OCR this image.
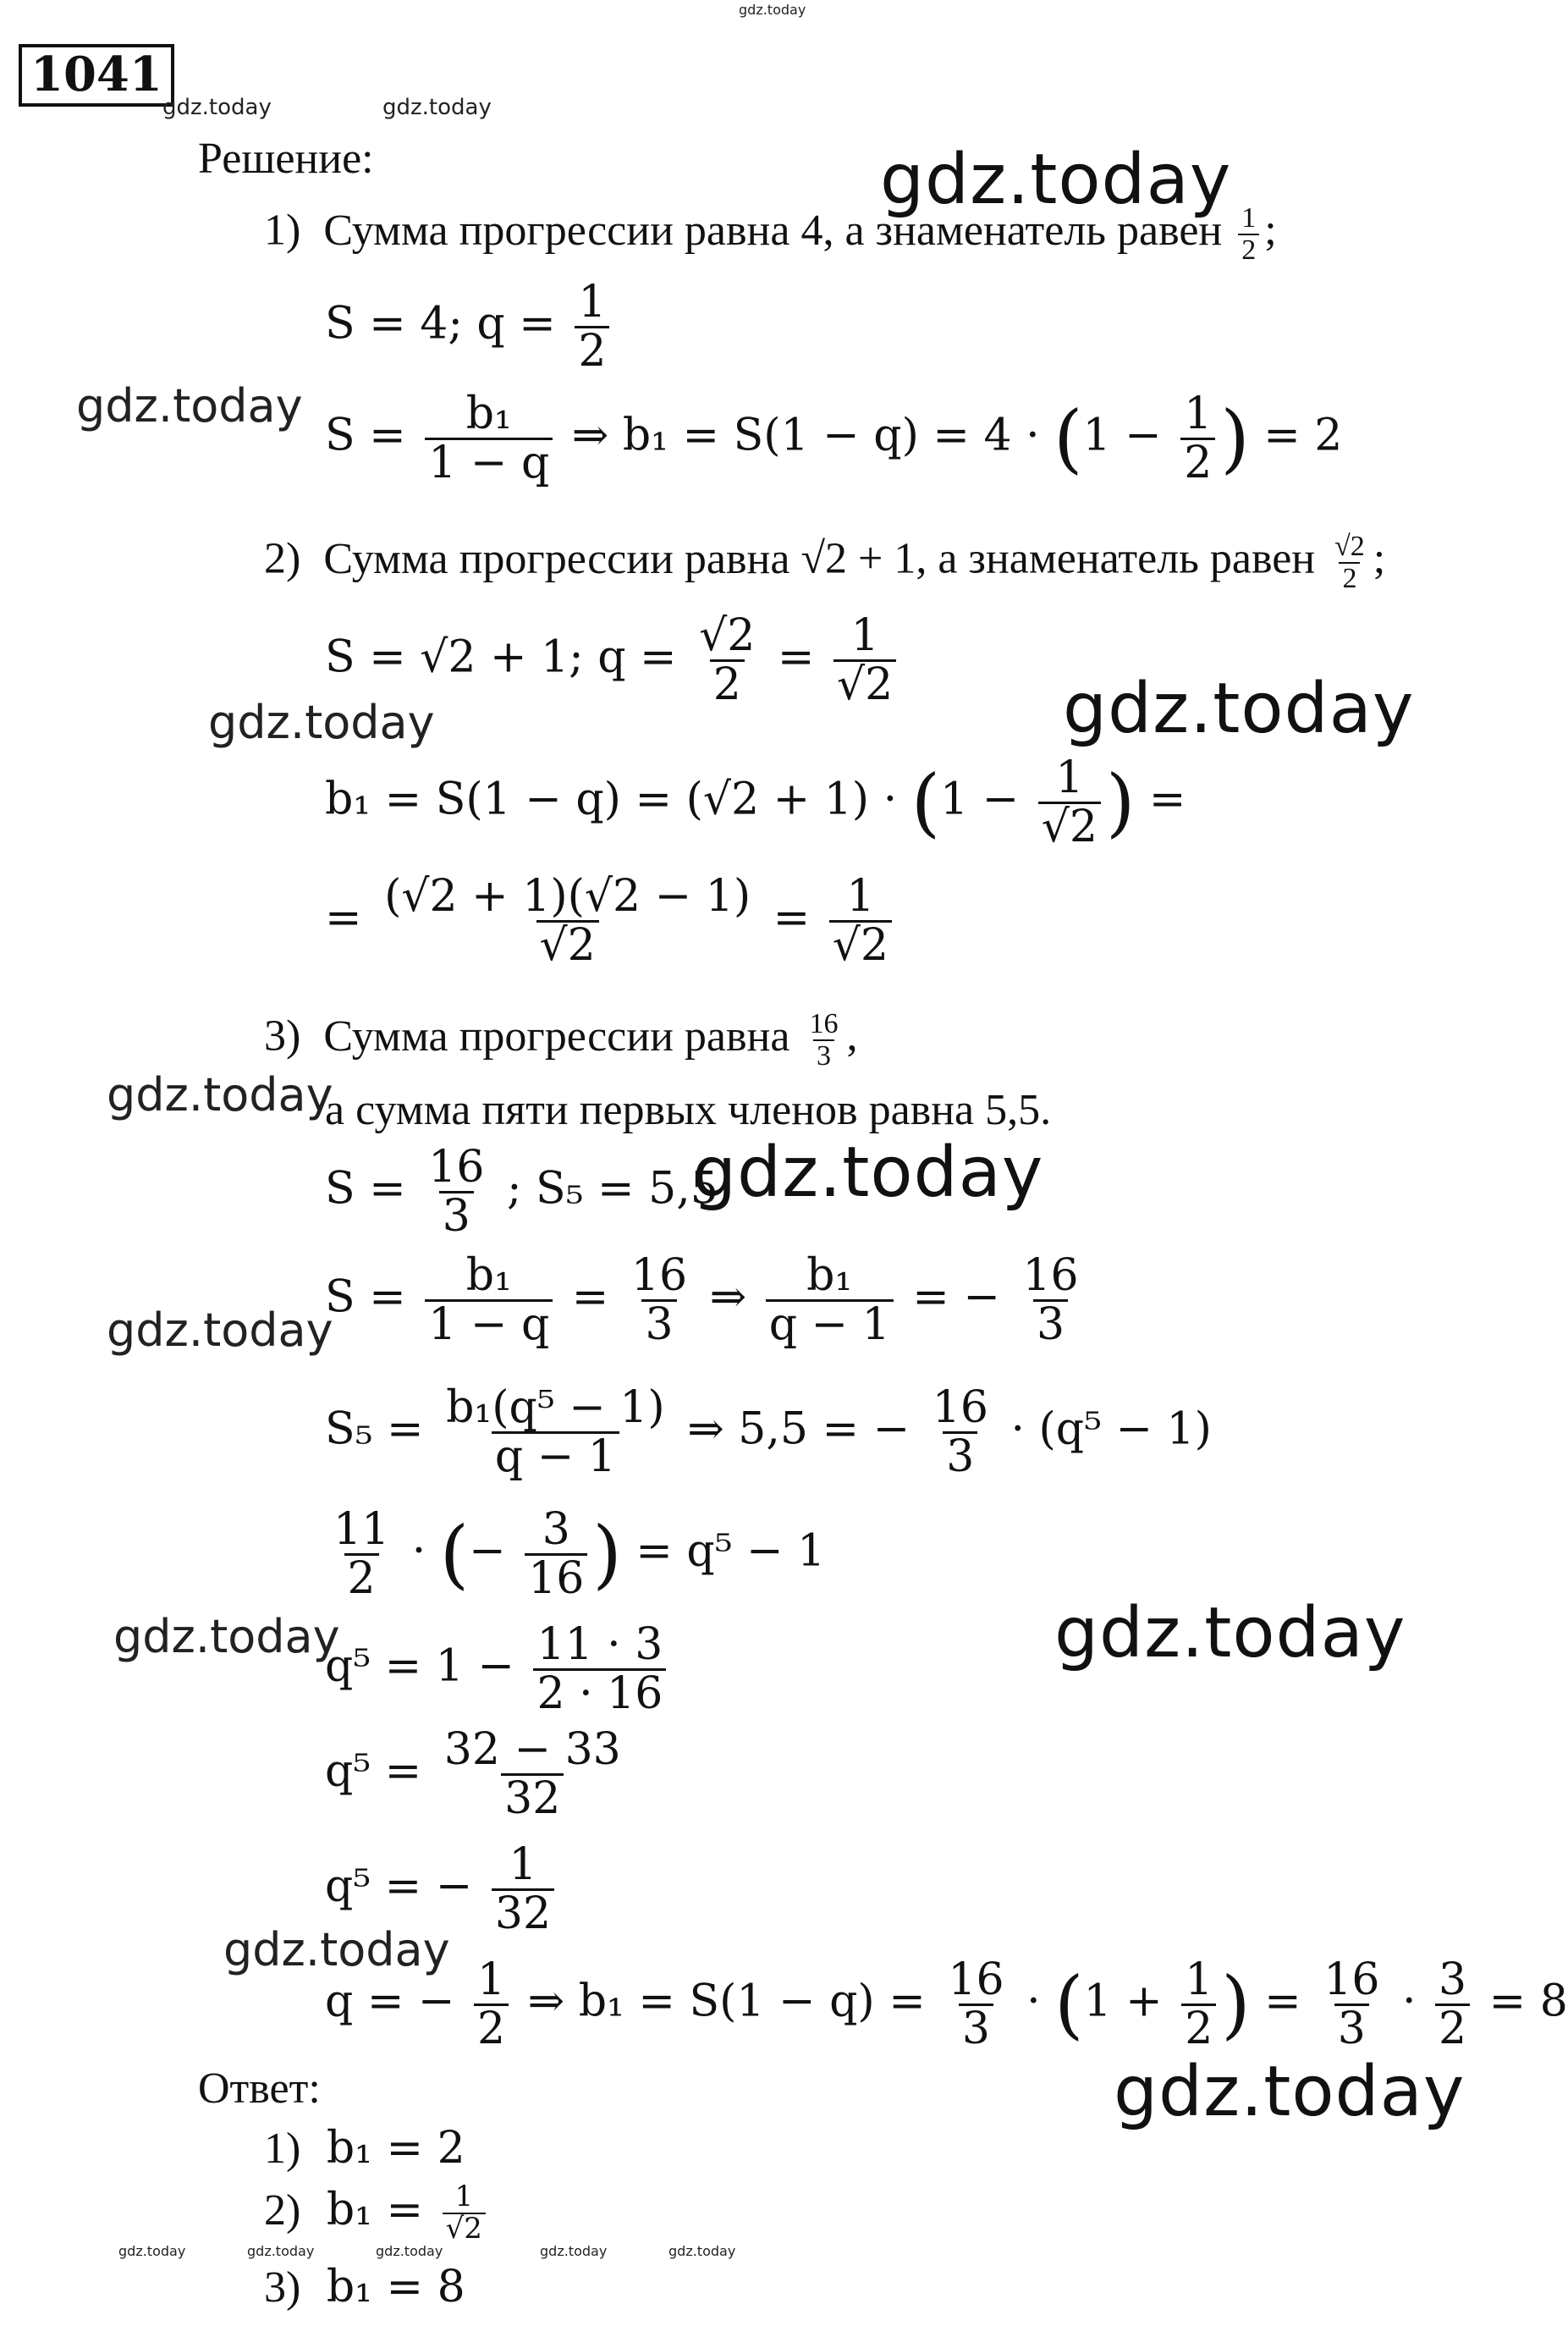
1041
gdz.today
gdz.today	gdz.today
Решение:	gdz.today
1) Сумма прогрессии равна 4, а знаменатель равен $\frac{1}{2}$ ;
S = 4; $q = \frac{1}{2}$
gdz.today
$S = \frac{\text{b₁}}{1 - q}$ ⇒ $b_1 = S(1 - q) = 4 \cdot (1 - \frac{1}{2}$ ) = 2
2) Сумма прогрессии равна √2 + 1, а знаменатель равен $\frac{√2}{2}$ ;
S = √2 + 1; $q = \frac{√2}{2} = \frac{1}{√2}$
gdz.today	gdz.today
$b_1 = S(1 - q) = (√2 + 1) \cdot (1 - \frac{1}{√2}$ ) =
= $\frac{(√2 + 1)(√2 - 1)}{√2} = \frac{1}{√2}$
3) Сумма прогрессии равна $\frac{16}{3}$ ,
gdz.today
а сумма пяти первых членов равна 5,5.
$S = \frac{16}{3}$ ; S₅ = 5,5
gdz.today
$S = \frac{\text{b₁}}{1 - q} = \frac{16}{3}$ ⇒ $\frac{\text{b₁}}{q - 1}$ = − $\frac{16}{3}$
gdz.today
$S_5 = \frac{\text{b₁(q⁵ − 1)}}{q - 1}$ ⇒ 5,5 = − $\frac{16}{3} \cdot (q^5 - 1)$
$\frac{11}{2}$ · (− $\frac{3}{16}$ ) = q⁵ − 1
gdz.today	gdz.today
$q^5 = 1 - \frac{11 \cdot 3}{2 \cdot 16}$
$q^5 = \frac{32 - 33}{32}$
q⁵ = − $\frac{1}{32}$
gdz.today
q = − $\frac{1}{2}$ ⇒ $b_1 = S(1 - q) = \frac{16}{3} \cdot (1 + \frac{1}{2}$ ) = $\frac{16}{3} \cdot \frac{3}{2} = 8$
Ответ:	gdz.today
1) b₁ = 2
2) $b_1 = \frac{1}{√2}$
gdz.today	gdz.today	gdz.today	gdz.today	gdz.today
3) b₁ = 8
